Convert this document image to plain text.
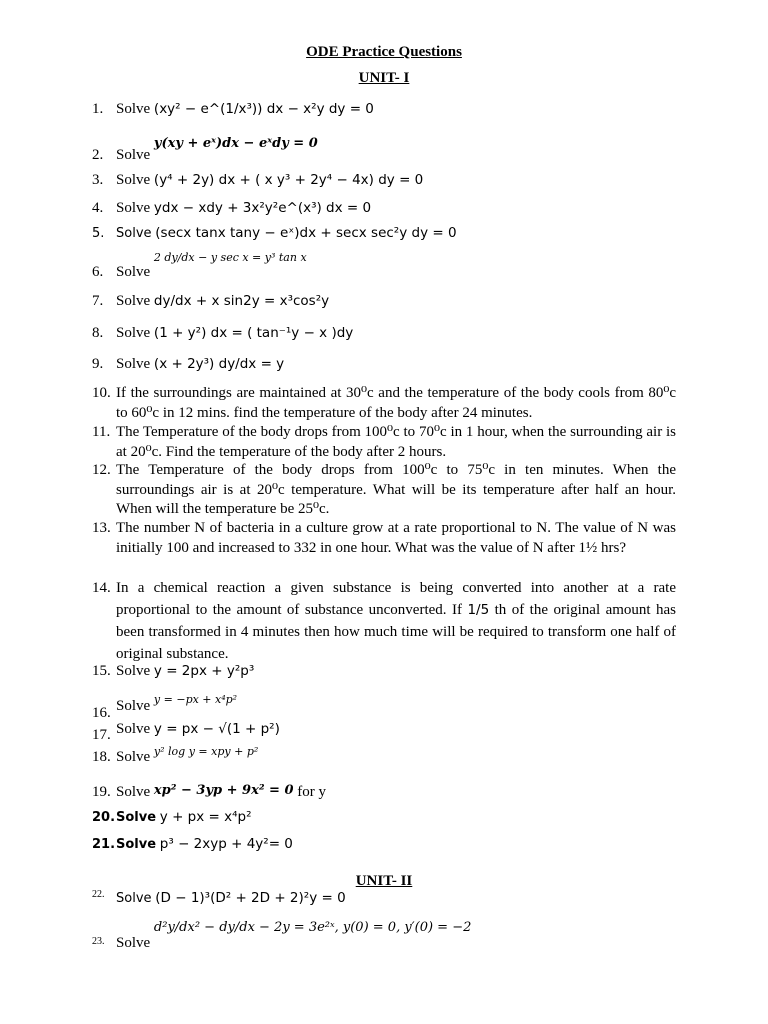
ODE Practice Questions
UNIT- I
1. Solve (xy² − e^(1/x³)) dx − x²y dy = 0
2. Solve y(xy + eˣ)dx − eˣdy = 0
3. Solve (y⁴ + 2y) dx + ( x y³ + 2y⁴ − 4x) dy = 0
4. Solve ydx − xdy + 3x²y²e^(x³) dx = 0
5. Solve (secx tanx tany − eˣ)dx + secx sec²y dy = 0
6. Solve 2 dy/dx − y sec x = y³ tan x
7. Solve dy/dx + x sin2y = x³cos²y
8. Solve (1 + y²) dx = ( tan⁻¹y − x )dy
9. Solve (x + 2y³) dy/dx = y
10. If the surroundings are maintained at 30⁰c and the temperature of the body cools from 80⁰c to 60⁰c in 12 mins. find the temperature of the body after 24 minutes.
11. The Temperature of the body drops from 100⁰c to 70⁰c in 1 hour, when the surrounding air is at 20⁰c. Find the temperature of the body after 2 hours.
12. The Temperature of the body drops from 100⁰c to 75⁰c in ten minutes. When the surroundings air is at 20⁰c temperature. What will be its temperature after half an hour. When will the temperature be 25⁰c.
13. The number N of bacteria in a culture grow at a rate proportional to N. The value of N was initially 100 and increased to 332 in one hour. What was the value of N after 1½ hrs?
14. In a chemical reaction a given substance is being converted into another at a rate proportional to the amount of substance unconverted. If 1/5 th of the original amount has been transformed in 4 minutes then how much time will be required to transform one half of original substance.
15. Solve y = 2px + y²p³
16. Solve y = −px + x⁴p²
17. Solve y = px − √(1 + p²)
18. Solve y² log y = xpy + p²
19. Solve xp² − 3yp + 9x² = 0 for y
20. Solve y + px = x⁴p²
21. Solve p³ − 2xyp + 4y²= 0
UNIT- II
22. Solve (D − 1)³(D² + 2D + 2)²y = 0
23. Solve d²y/dx² − dy/dx − 2y = 3e²ˣ, y(0) = 0, y′(0) = −2
